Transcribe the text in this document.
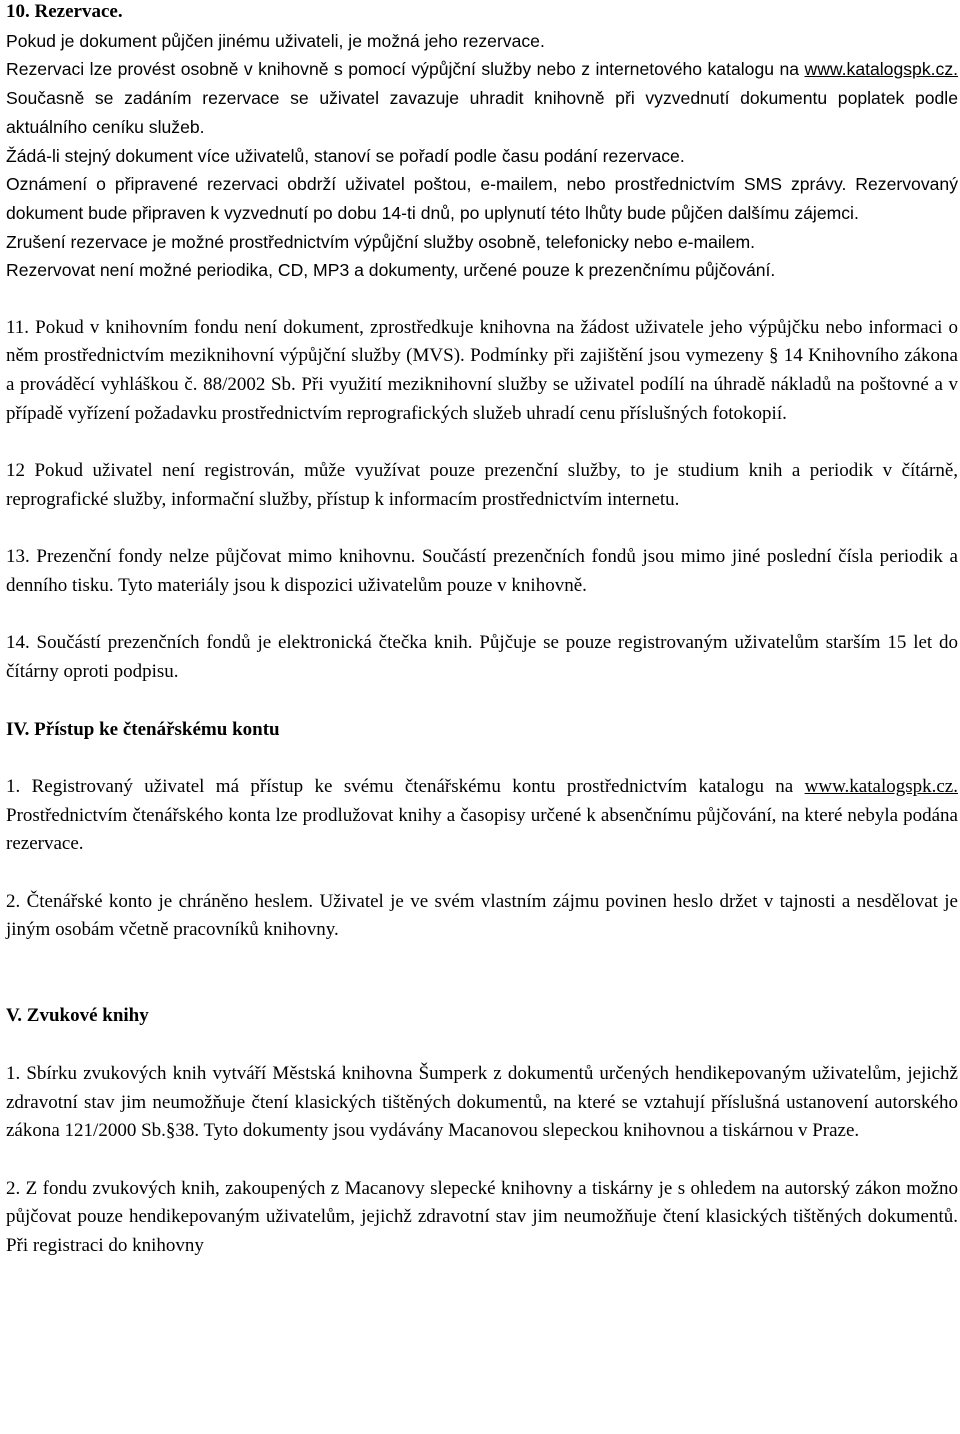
10. Rezervace.

Pokud je dokument půjčen jinému uživateli, je možná jeho rezervace.

Rezervaci lze provést osobně v knihovně s pomocí výpůjční služby nebo z internetového katalogu na www.katalogspk.cz. Současně se zadáním rezervace se uživatel zavazuje uhradit knihovně při vyzvednutí dokumentu poplatek podle aktuálního ceníku služeb.

Žádá-li stejný dokument více uživatelů, stanoví se pořadí podle času podání rezervace.

Oznámení o připravené rezervaci obdrží uživatel poštou, e-mailem, nebo prostřednictvím SMS zprávy. Rezervovaný dokument bude připraven k vyzvednutí po dobu 14-ti dnů, po uplynutí této lhůty bude půjčen dalšímu zájemci.

Zrušení rezervace je možné prostřednictvím výpůjční služby osobně, telefonicky nebo e-mailem.

Rezervovat není možné periodika, CD, MP3 a dokumenty, určené pouze k prezenčnímu půjčování.

11. Pokud v knihovním fondu není dokument, zprostředkuje knihovna na žádost uživatele jeho výpůjčku nebo informaci o něm prostřednictvím meziknihovní výpůjční služby (MVS). Podmínky při zajištění jsou vymezeny § 14 Knihovního zákona a prováděcí vyhláškou č. 88/2002 Sb. Při využití meziknihovní služby se uživatel podílí na úhradě nákladů na poštovné a v případě vyřízení požadavku prostřednictvím reprografických služeb uhradí cenu příslušných fotokopií.

12 Pokud uživatel není registrován, může využívat pouze prezenční služby, to je studium knih a periodik v čítárně, reprografické služby, informační služby, přístup k informacím prostřednictvím internetu.

13. Prezenční fondy nelze půjčovat mimo knihovnu. Součástí prezenčních fondů jsou mimo jiné poslední čísla periodik a denního tisku. Tyto materiály jsou k dispozici uživatelům pouze v knihovně.

14. Součástí prezenčních fondů je elektronická čtečka knih. Půjčuje se pouze registrovaným uživatelům starším 15 let do čítárny oproti podpisu.

IV. Přístup ke čtenářskému kontu

1. Registrovaný uživatel má přístup ke svému čtenářskému kontu prostřednictvím katalogu na www.katalogspk.cz. Prostřednictvím čtenářského konta lze prodlužovat knihy a časopisy určené k absenčnímu půjčování, na které nebyla podána rezervace.

2. Čtenářské konto je chráněno heslem. Uživatel je ve svém vlastním zájmu povinen heslo držet v tajnosti a nesdělovat je jiným osobám včetně pracovníků knihovny.

V. Zvukové knihy

1. Sbírku zvukových knih vytváří Městská knihovna Šumperk z dokumentů určených hendikepovaným uživatelům, jejichž zdravotní stav jim neumožňuje čtení klasických tištěných dokumentů, na které se vztahují příslušná ustanovení autorského zákona 121/2000 Sb.§38. Tyto dokumenty jsou vydávány Macanovou slepeckou knihovnou a tiskárnou v Praze.

2. Z fondu zvukových knih, zakoupených z Macanovy slepecké knihovny a tiskárny je s ohledem na autorský zákon možno půjčovat pouze hendikepovaným uživatelům, jejichž zdravotní stav jim neumožňuje čtení klasických tištěných dokumentů. Při registraci do knihovny
